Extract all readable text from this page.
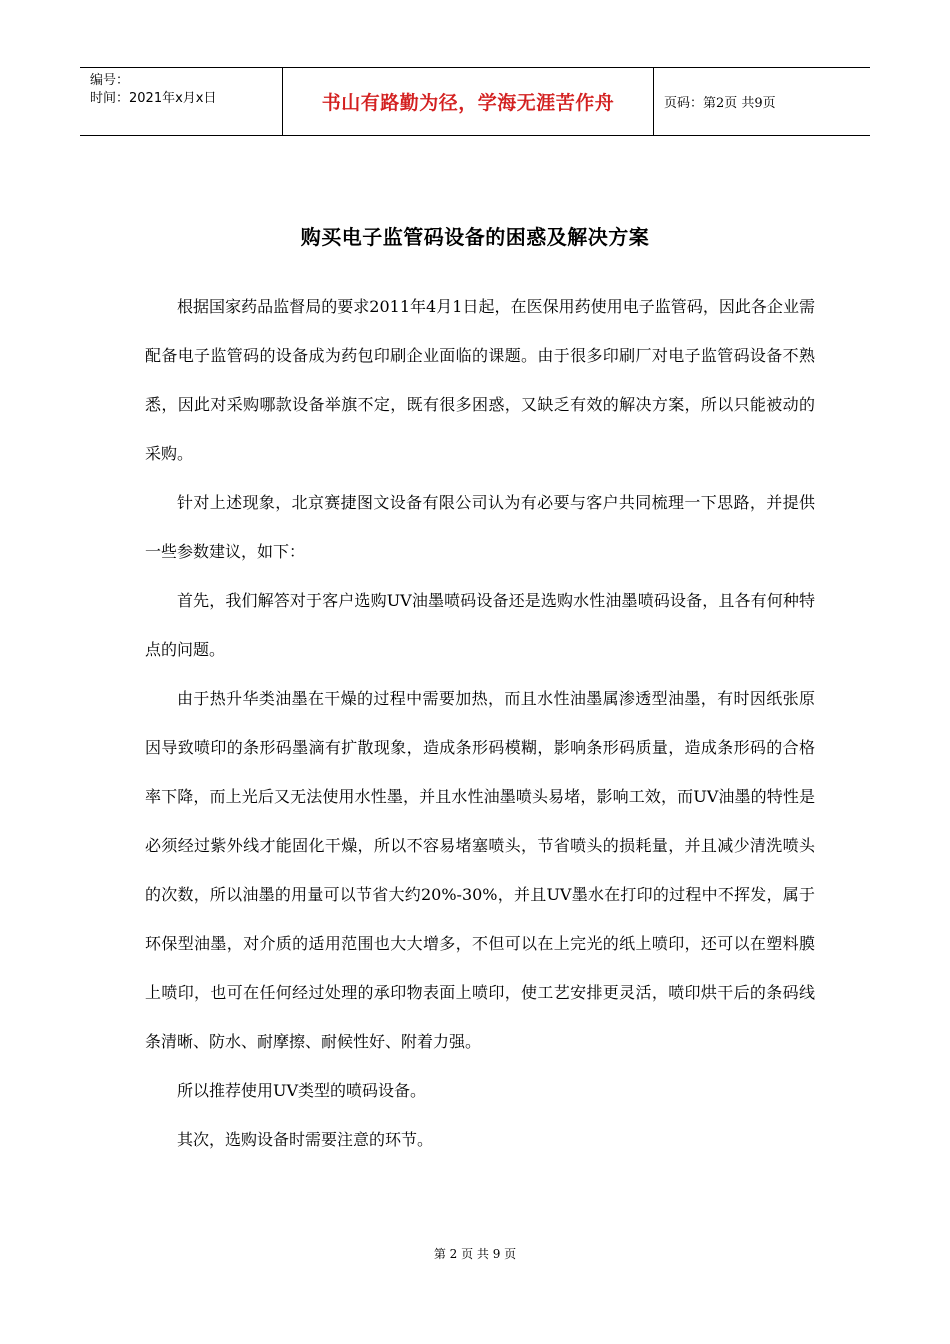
编号：
时间：2021年x月x日	书山有路勤为径，学海无涯苦作舟	页码：第2页 共9页
购买电子监管码设备的困惑及解决方案

根据国家药品监督局的要求2011年4月1日起，在医保用药使用电子监管码，因此各企业需配备电子监管码的设备成为药包印刷企业面临的课题。由于很多印刷厂对电子监管码设备不熟悉，因此对采购哪款设备举旗不定，既有很多困惑，又缺乏有效的解决方案，所以只能被动的采购。

针对上述现象，北京赛捷图文设备有限公司认为有必要与客户共同梳理一下思路，并提供一些参数建议，如下：

首先，我们解答对于客户选购UV油墨喷码设备还是选购水性油墨喷码设备，且各有何种特点的问题。

由于热升华类油墨在干燥的过程中需要加热，而且水性油墨属渗透型油墨，有时因纸张原因导致喷印的条形码墨滴有扩散现象，造成条形码模糊，影响条形码质量，造成条形码的合格率下降，而上光后又无法使用水性墨，并且水性油墨喷头易堵，影响工效，而UV油墨的特性是必须经过紫外线才能固化干燥，所以不容易堵塞喷头，节省喷头的损耗量，并且减少清洗喷头的次数，所以油墨的用量可以节省大约20%-30%，并且UV墨水在打印的过程中不挥发，属于环保型油墨，对介质的适用范围也大大增多，不但可以在上完光的纸上喷印，还可以在塑料膜上喷印，也可在任何经过处理的承印物表面上喷印，使工艺安排更灵活，喷印烘干后的条码线条清晰、防水、耐摩擦、耐候性好、附着力强。

所以推荐使用UV类型的喷码设备。

其次，选购设备时需要注意的环节。

第 2 页 共 9 页
